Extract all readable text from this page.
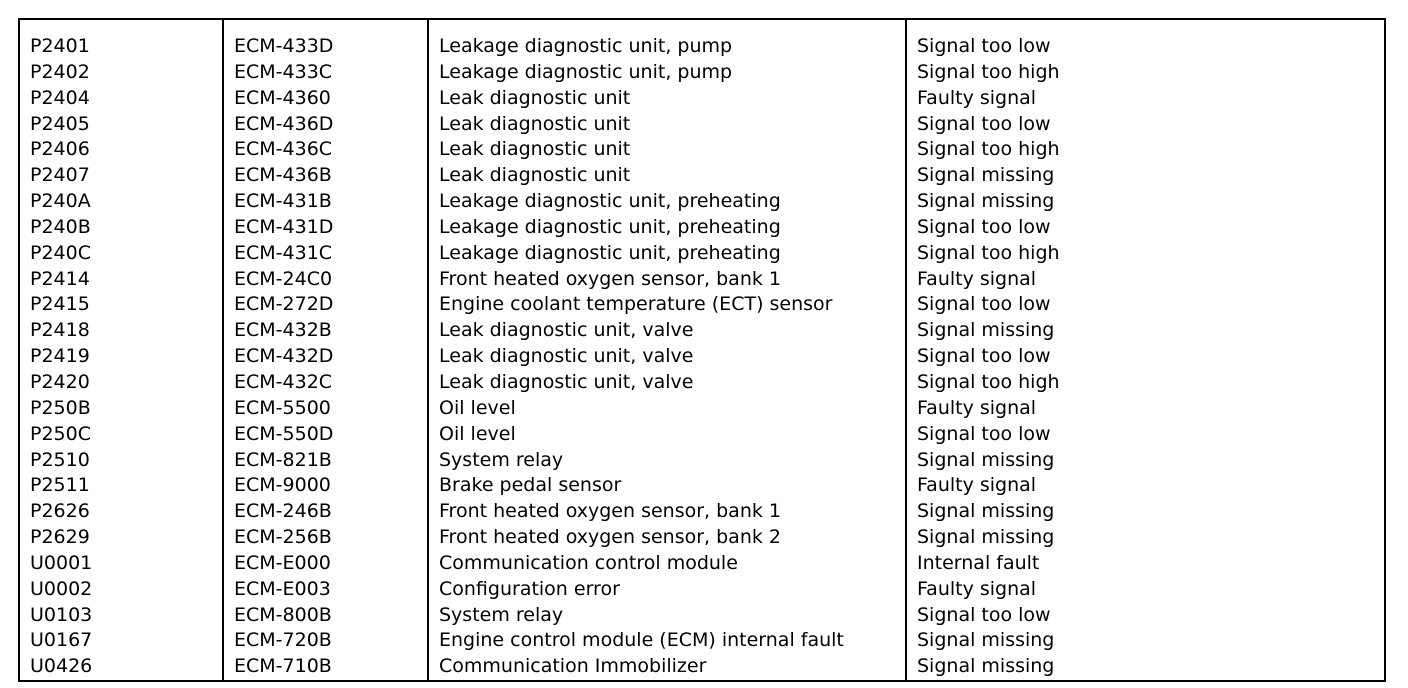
P2401	ECM-433D	Leakage diagnostic unit, pump	Signal too low
P2402	ECM-433C	Leakage diagnostic unit, pump	Signal too high
P2404	ECM-4360	Leak diagnostic unit	Faulty signal
P2405	ECM-436D	Leak diagnostic unit	Signal too low
P2406	ECM-436C	Leak diagnostic unit	Signal too high
P2407	ECM-436B	Leak diagnostic unit	Signal missing
P240A	ECM-431B	Leakage diagnostic unit, preheating	Signal missing
P240B	ECM-431D	Leakage diagnostic unit, preheating	Signal too low
P240C	ECM-431C	Leakage diagnostic unit, preheating	Signal too high
P2414	ECM-24C0	Front heated oxygen sensor, bank 1	Faulty signal
P2415	ECM-272D	Engine coolant temperature (ECT) sensor	Signal too low
P2418	ECM-432B	Leak diagnostic unit, valve	Signal missing
P2419	ECM-432D	Leak diagnostic unit, valve	Signal too low
P2420	ECM-432C	Leak diagnostic unit, valve	Signal too high
P250B	ECM-5500	Oil level	Faulty signal
P250C	ECM-550D	Oil level	Signal too low
P2510	ECM-821B	System relay	Signal missing
P2511	ECM-9000	Brake pedal sensor	Faulty signal
P2626	ECM-246B	Front heated oxygen sensor, bank 1	Signal missing
P2629	ECM-256B	Front heated oxygen sensor, bank 2	Signal missing
U0001	ECM-E000	Communication control module	Internal fault
U0002	ECM-E003	Configuration error	Faulty signal
U0103	ECM-800B	System relay	Signal too low
U0167	ECM-720B	Engine control module (ECM) internal fault	Signal missing
U0426	ECM-710B	Communication Immobilizer	Signal missing
